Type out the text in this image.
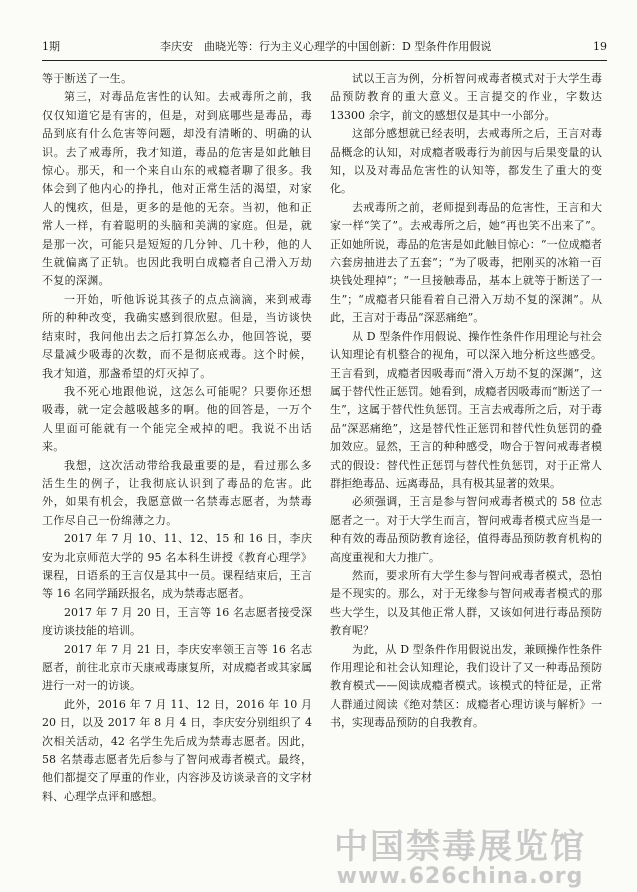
1期	李庆安　曲晓光等：行为主义心理学的中国创新：D 型条件作用假说	19

等于断送了一生。

第三，对毒品危害性的认知。去戒毒所之前，我仅仅知道它是有害的，但是，对到底哪些是毒品，毒品到底有什么危害等问题，却没有清晰的、明确的认识。去了戒毒所，我才知道，毒品的危害是如此触目惊心。那天，和一个来自山东的戒瘾者聊了很多。我体会到了他内心的挣扎，他对正常生活的渴望，对家人的愧疚，但是，更多的是他的无奈。当初，他和正常人一样，有着聪明的头脑和美满的家庭。但是，就是那一次，可能只是短短的几分钟、几十秒，他的人生就偏离了正轨。也因此我明白成瘾者自己滑入万劫不复的深渊。

一开始，听他诉说其孩子的点点滴滴，来到戒毒所的种种改变，我确实感到很欣慰。但是，当访谈快结束时，我问他出去之后打算怎么办，他回答说，要尽量减少吸毒的次数，而不是彻底戒毒。这个时候，我才知道，那盏希望的灯灭掉了。

我不死心地跟他说，这怎么可能呢？只要你还想吸毒，就一定会越吸越多的啊。他的回答是，一万个人里面可能就有一个能完全戒掉的吧。我说不出话来。

我想，这次活动带给我最重要的是，看过那么多活生生的例子，让我彻底认识到了毒品的危害。此外，如果有机会，我愿意做一名禁毒志愿者，为禁毒工作尽自己一份绵薄之力。

2017 年 7 月 10、11、12、15 和 16 日，李庆安为北京师范大学的 95 名本科生讲授《教育心理学》课程，日语系的王言仅是其中一员。课程结束后，王言等 16 名同学踊跃报名，成为禁毒志愿者。

2017 年 7 月 20 日，王言等 16 名志愿者接受深度访谈技能的培训。

2017 年 7 月 21 日，李庆安率领王言等 16 名志愿者，前往北京市天康戒毒康复所，对成瘾者或其家属进行一对一的访谈。

此外，2016 年 7 月 11、12 日，2016 年 10 月 20 日，以及 2017 年 8 月 4 日，李庆安分别组织了 4 次相关活动，42 名学生先后成为禁毒志愿者。因此，58 名禁毒志愿者先后参与了智问戒毒者模式。最终，他们都提交了厚重的作业，内容涉及访谈录音的文字材料、心理学点评和感想。

试以王言为例，分析智问戒毒者模式对于大学生毒品预防教育的重大意义。王言提交的作业，字数达 13300 余字，前文的感想仅是其中一小部分。

这部分感想就已经表明，去戒毒所之后，王言对毒品概念的认知，对成瘾者吸毒行为前因与后果变量的认知，以及对毒品危害性的认知等，都发生了重大的变化。

去戒毒所之前，老师提到毒品的危害性，王言和大家一样“笑了”。去戒毒所之后，她“再也笑不出来了”。正如她所说，毒品的危害是如此触目惊心：“一位成瘾者六套房抽进去了五套”；“为了吸毒，把刚买的冰箱一百块钱处理掉”；“一旦接触毒品，基本上就等于断送了一生”；“成瘾者只能看着自己滑入万劫不复的深渊”。从此，王言对于毒品“深恶痛绝”。

从 D 型条件作用假说、操作性条件作用理论与社会认知理论有机整合的视角，可以深入地分析这些感受。王言看到，成瘾者因吸毒而“滑入万劫不复的深渊”，这属于替代性正惩罚。她看到，成瘾者因吸毒而“断送了一生”，这属于替代性负惩罚。王言去戒毒所之后，对于毒品“深恶痛绝”，这是替代性正惩罚和替代性负惩罚的叠加效应。显然，王言的种种感受，吻合于智问戒毒者模式的假设：替代性正惩罚与替代性负惩罚，对于正常人群拒绝毒品、远离毒品，具有极其显著的效果。

必须强调，王言是参与智问戒毒者模式的 58 位志愿者之一。对于大学生而言，智问戒毒者模式应当是一种有效的毒品预防教育途径，值得毒品预防教育机构的高度重视和大力推广。

然而，要求所有大学生参与智问戒毒者模式，恐怕是不现实的。那么，对于无缘参与智问戒毒者模式的那些大学生，以及其他正常人群，又该如何进行毒品预防教育呢？

为此，从 D 型条件作用假说出发，兼顾操作性条件作用理论和社会认知理论，我们设计了又一种毒品预防教育模式——阅读成瘾者模式。该模式的特征是，正常人群通过阅读《绝对禁区：成瘾者心理访谈与解析》一书，实现毒品预防的自我教育。

中国禁毒展览馆
www.626china.org
